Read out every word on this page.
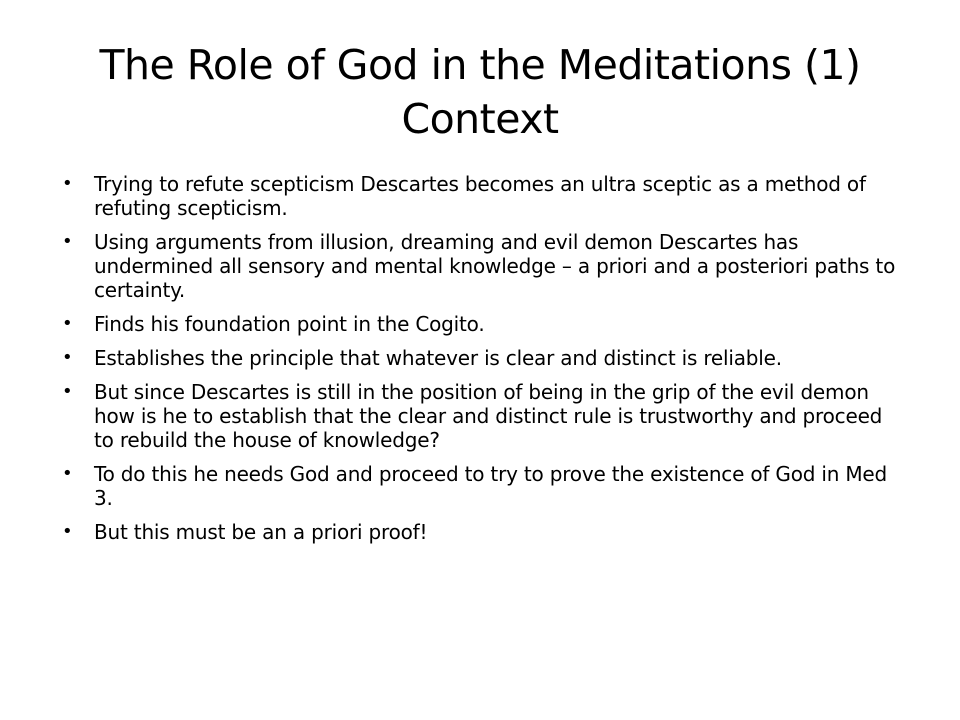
The Role of God in the Meditations (1)
Context
• Trying to refute scepticism Descartes becomes an ultra sceptic as a method of refuting scepticism.
• Using arguments from illusion, dreaming and evil demon Descartes has undermined all sensory and mental knowledge – a priori and a posteriori paths to certainty.
• Finds his foundation point in the Cogito.
• Establishes the principle that whatever is clear and distinct is reliable.
• But since Descartes is still in the position of being in the grip of the evil demon how is he to establish that the clear and distinct rule is trustworthy and proceed to rebuild the house of knowledge?
• To do this he needs God and proceed to try to prove the existence of God in Med 3.
• But this must be an a priori proof!
